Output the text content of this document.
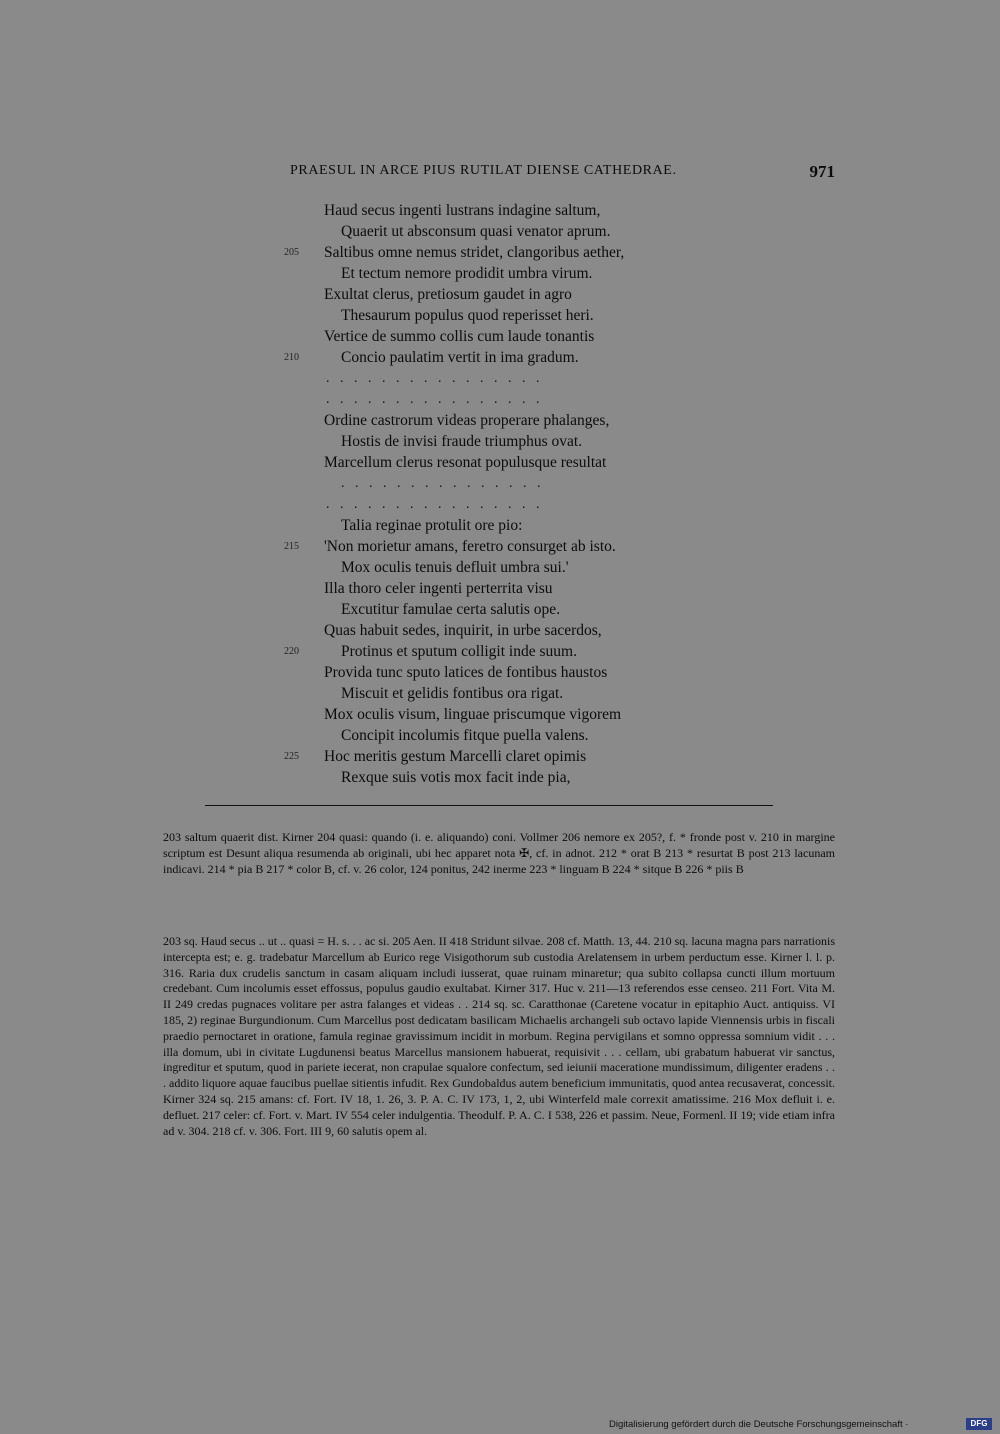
PRAESUL IN ARCE PIUS RUTILAT DIENSE CATHEDRAE.	971
Haud secus ingenti lustrans indagine saltum,
Quaerit ut absconsum quasi venator aprum.
205 Saltibus omne nemus stridet, clangoribus aether,
Et tectum nemore prodidit umbra virum.
Exultat clerus, pretiosum gaudet in agro
Thesaurum populus quod reperisset heri.
Vertice de summo collis cum laude tonantis
210	Concio paulatim vertit in ima gradum.
................
................
Ordine castrorum videas properare phalanges,
Hostis de invisi fraude triumphus ovat.
Marcellum clerus resonat populusque resultat
...............
................
Talia reginae protulit ore pio:
215 'Non morietur amans, feretro consurget ab isto.
Mox oculis tenuis defluit umbra sui.'
Illa thoro celer ingenti perterrita visu
Excutitur famulae certa salutis ope.
Quas habuit sedes, inquirit, in urbe sacerdos,
220	Protinus et sputum colligit inde suum.
Provida tunc sputo latices de fontibus haustos
Miscuit et gelidis fontibus ora rigat.
Mox oculis visum, linguae priscumque vigorem
Concipit incolumis fitque puella valens.
225 Hoc meritis gestum Marcelli claret opimis
Rexque suis votis mox facit inde pia,

203 saltum quaerit dist. Kirner 204 quasi: quando (i. e. aliquando) coni. Vollmer 206 nemore ex 205?, f. * fronde post v. 210 in margine scriptum est Desunt aliqua resumenda ab originali, ubi hec apparet nota ✠, cf. in adnot. 212 * orat B 213 * resurtat B post 213 lacunam indicavi. 214 * pia B 217 * color B, cf. v. 26 color, 124 ponitus, 242 inerme 223 * linguam B 224 * sitque B 226 * piis B

203 sq. Haud secus .. ut .. quasi = H. s. . . ac si. 205 Aen. II 418 Stridunt silvae. 208 cf. Matth. 13, 44. 210 sq. lacuna magna pars narrationis intercepta est; e. g. tradebatur Marcellum ab Eurico rege Visigothorum sub custodia Arelatensem in urbem perductum esse. Kirner l. l. p. 316. Raria dux crudelis sanctum in casam aliquam includi iusserat, quae ruinam minaretur; qua subito collapsa cuncti illum mortuum credebant. Cum incolumis esset effossus, populus gaudio exultabat. Kirner 317. Huc v. 211—13 referendos esse censeo. 211 Fort. Vita M. II 249 credas pugnaces volitare per astra falanges et videas . . 214 sq. sc. Caratthonae (Caretene vocatur in epitaphio Auct. antiquiss. VI 185, 2) reginae Burgundionum. Cum Marcellus post dedicatam basilicam Michaelis archangeli sub octavo lapide Viennensis urbis in fiscali praedio pernoctaret in oratione, famula reginae gravissimum incidit in morbum. Regina pervigilans et somno oppressa somnium vidit . . . illa domum, ubi in civitate Lugdunensi beatus Marcellus mansionem habuerat, requisivit . . . cellam, ubi grabatum habuerat vir sanctus, ingreditur et sputum, quod in pariete iecerat, non crapulae squalore confectum, sed ieiunii maceratione mundissimum, diligenter eradens . . . addito liquore aquae faucibus puellae sitientis infudit. Rex Gundobaldus autem beneficium immunitatis, quod antea recusaverat, concessit. Kirner 324 sq. 215 amans: cf. Fort. IV 18, 1. 26, 3. P. A. C. IV 173, 1, 2, ubi Winterfeld male correxit amatissime. 216 Mox defluit i. e. defluet. 217 celer: cf. Fort. v. Mart. IV 554 celer indulgentia. Theodulf. P. A. C. I 538, 226 et passim. Neue, Formenl. II 19; vide etiam infra ad v. 304. 218 cf. v. 306. Fort. III 9, 60 salutis opem al.

Digitalisierung gefördert durch die Deutsche Forschungsgemeinschaft ·	DFG
